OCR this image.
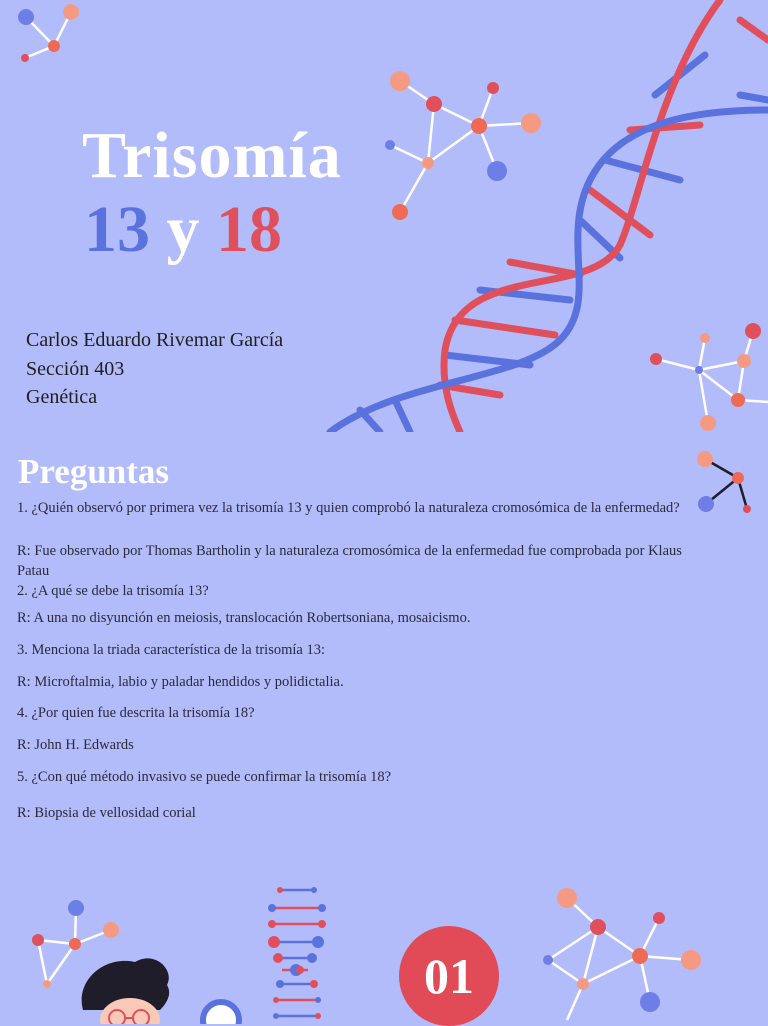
Trisomía
13 y 18
Carlos Eduardo Rivemar García
Sección 403
Genética
Preguntas
1. ¿Quién observó por primera vez la trisomía 13 y quien comprobó la naturaleza cromosómica de la enfermedad?
R: Fue observado por Thomas Bartholin y la naturaleza cromosómica de la enfermedad fue comprobada por Klaus Patau
2. ¿A qué se debe la trisomía 13?
R: A una no disyunción en meiosis, translocación Robertsoniana, mosaicismo.
3. Menciona la triada característica de la trisomía 13:
R: Microftalmia, labio y paladar hendidos y polidictalia.
4. ¿Por quien fue descrita la trisomía 18?
R: John H. Edwards
5. ¿Con qué método invasivo se puede confirmar la trisomía 18?
R: Biopsia de vellosidad corial
01
